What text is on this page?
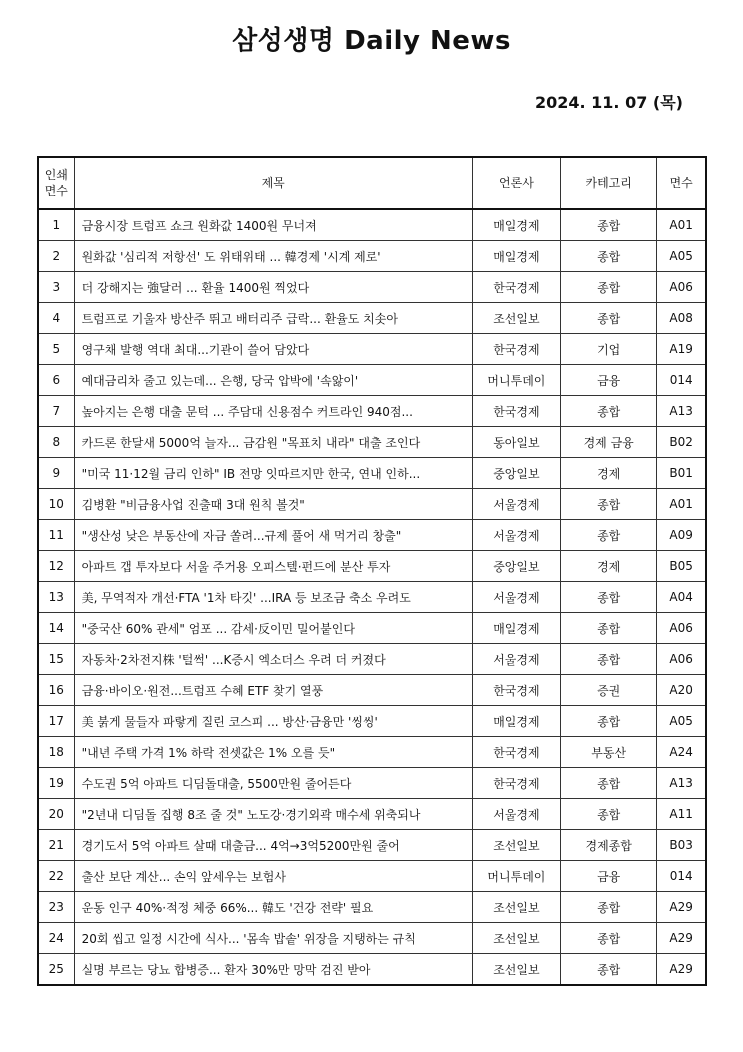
삼성생명 Daily News
2024. 11. 07 (목)
인쇄
면수	제목	언론사	카테고리	면수
1	금융시장 트럼프 쇼크 원화값 1400원 무너져	매일경제	종합	A01
2	원화값 '심리적 저항선' 도 위태위태 ... 韓경제 '시계 제로'	매일경제	종합	A05
3	더 강해지는 強달러 ... 환율 1400원 찍었다	한국경제	종합	A06
4	트럼프로 기울자 방산주 뛰고 배터리주 급락... 환율도 치솟아	조선일보	종합	A08
5	영구채 발행 역대 최대...기관이 쓸어 담았다	한국경제	기업	A19
6	예대금리차 줄고 있는데... 은행, 당국 압박에 '속앓이'	머니투데이	금융	014
7	높아지는 은행 대출 문턱 ... 주담대 신용점수 커트라인 940점...	한국경제	종합	A13
8	카드론 한달새 5000억 늘자... 금감원 "목표치 내라" 대출 조인다	동아일보	경제 금융	B02
9	"미국 11·12월 금리 인하" IB 전망 잇따르지만 한국, 연내 인하...	중앙일보	경제	B01
10	김병환 "비금융사업 진출때 3대 원칙 볼것"	서울경제	종합	A01
11	"생산성 낮은 부동산에 자금 쏠려...규제 풀어 새 먹거리 창출"	서울경제	종합	A09
12	아파트 갭 투자보다 서울 주거용 오피스텔·펀드에 분산 투자	중앙일보	경제	B05
13	美, 무역적자 개선·FTA '1차 타깃' ...IRA 등 보조금 축소 우려도	서울경제	종합	A04
14	"중국산 60% 관세" 엄포 ... 감세·反이민 밀어붙인다	매일경제	종합	A06
15	자동차·2차전지株 '털썩' ...K증시 엑소더스 우려 더 커졌다	서울경제	종합	A06
16	금융·바이오·원전...트럼프 수혜 ETF 찾기 열풍	한국경제	증권	A20
17	美 붉게 물들자 파랗게 질린 코스피 ... 방산·금융만 '씽씽'	매일경제	종합	A05
18	"내년 주택 가격 1% 하락 전셋값은 1% 오를 듯"	한국경제	부동산	A24
19	수도권 5억 아파트 디딤돌대출, 5500만원 줄어든다	한국경제	종합	A13
20	"2년내 디딤돌 집행 8조 줄 것" 노도강·경기외곽 매수세 위축되나	서울경제	종합	A11
21	경기도서 5억 아파트 살때 대출금... 4억→3억5200만원 줄어	조선일보	경제종합	B03
22	출산 보단 계산... 손익 앞세우는 보험사	머니투데이	금융	014
23	운동 인구 40%·적정 체중 66%... 韓도 '건강 전략' 필요	조선일보	종합	A29
24	20회 씹고 일정 시간에 식사... '몸속 밥솥' 위장을 지탱하는 규칙	조선일보	종합	A29
25	실명 부르는 당뇨 합병증... 환자 30%만 망막 검진 받아	조선일보	종합	A29
